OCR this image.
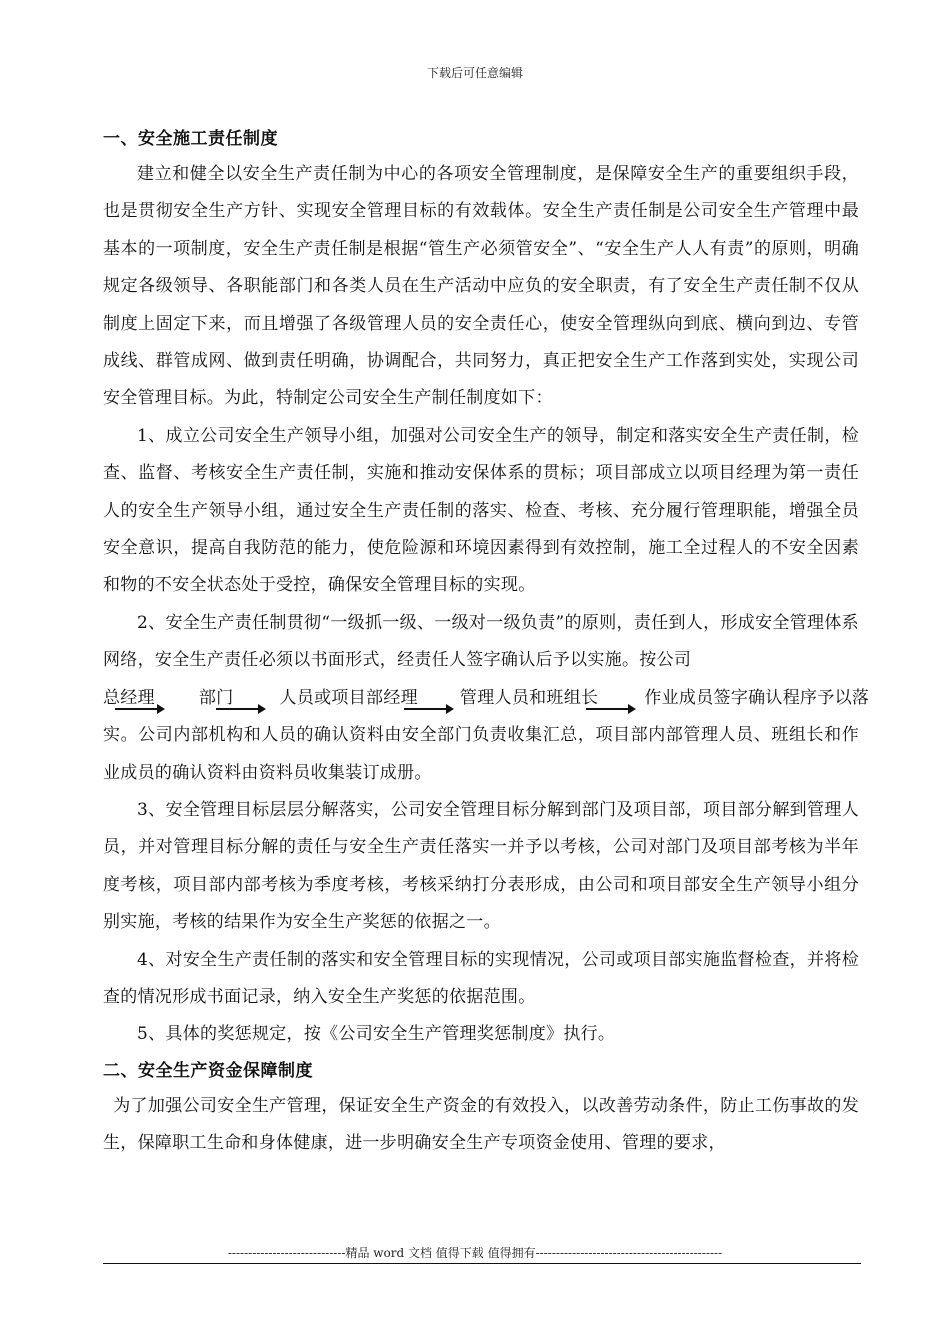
下载后可任意编辑
一、安全施工责任制度

建立和健全以安全生产责任制为中心的各项安全管理制度，是保障安全生产的重要组织手段，也是贯彻安全生产方针、实现安全管理目标的有效载体。安全生产责任制是公司安全生产管理中最基本的一项制度，安全生产责任制是根据“管生产必须管安全”、“安全生产人人有责”的原则，明确规定各级领导、各职能部门和各类人员在生产活动中应负的安全职责，有了安全生产责任制不仅从制度上固定下来，而且增强了各级管理人员的安全责任心，使安全管理纵向到底、横向到边、专管成线、群管成网、做到责任明确，协调配合，共同努力，真正把安全生产工作落到实处，实现公司安全管理目标。为此，特制定公司安全生产制任制度如下：

1、成立公司安全生产领导小组，加强对公司安全生产的领导，制定和落实安全生产责任制，检查、监督、考核安全生产责任制，实施和推动安保体系的贯标；项目部成立以项目经理为第一责任人的安全生产领导小组，通过安全生产责任制的落实、检查、考核、充分履行管理职能，增强全员安全意识，提高自我防范的能力，使危险源和环境因素得到有效控制，施工全过程人的不安全因素和物的不安全状态处于受控，确保安全管理目标的实现。

2、安全生产责任制贯彻“一级抓一级、一级对一级负责”的原则，责任到人，形成安全管理体系网络，安全生产责任必须以书面形式，经责任人签字确认后予以实施。按公司

总经理	部门	人员或项目部经理 管理人员和班组长	作业成员签字确认程序予以落

实。公司内部机构和人员的确认资料由安全部门负责收集汇总，项目部内部管理人员、班组长和作业成员的确认资料由资料员收集装订成册。

3、安全管理目标层层分解落实，公司安全管理目标分解到部门及项目部，项目部分解到管理人员，并对管理目标分解的责任与安全生产责任落实一并予以考核，公司对部门及项目部考核为半年度考核，项目部内部考核为季度考核，考核采纳打分表形成，由公司和项目部安全生产领导小组分别实施，考核的结果作为安全生产奖惩的依据之一。

4、对安全生产责任制的落实和安全管理目标的实现情况，公司或项目部实施监督检查，并将检查的情况形成书面记录，纳入安全生产奖惩的依据范围。

5、具体的奖惩规定，按《公司安全生产管理奖惩制度》执行。

二、安全生产资金保障制度

为了加强公司安全生产管理，保证安全生产资金的有效投入，以改善劳动条件，防止工伤事故的发生，保障职工生命和身体健康，进一步明确安全生产专项资金使用、管理的要求，

-----------------------------精品 word 文档 值得下载 值得拥有----------------------------------------------
